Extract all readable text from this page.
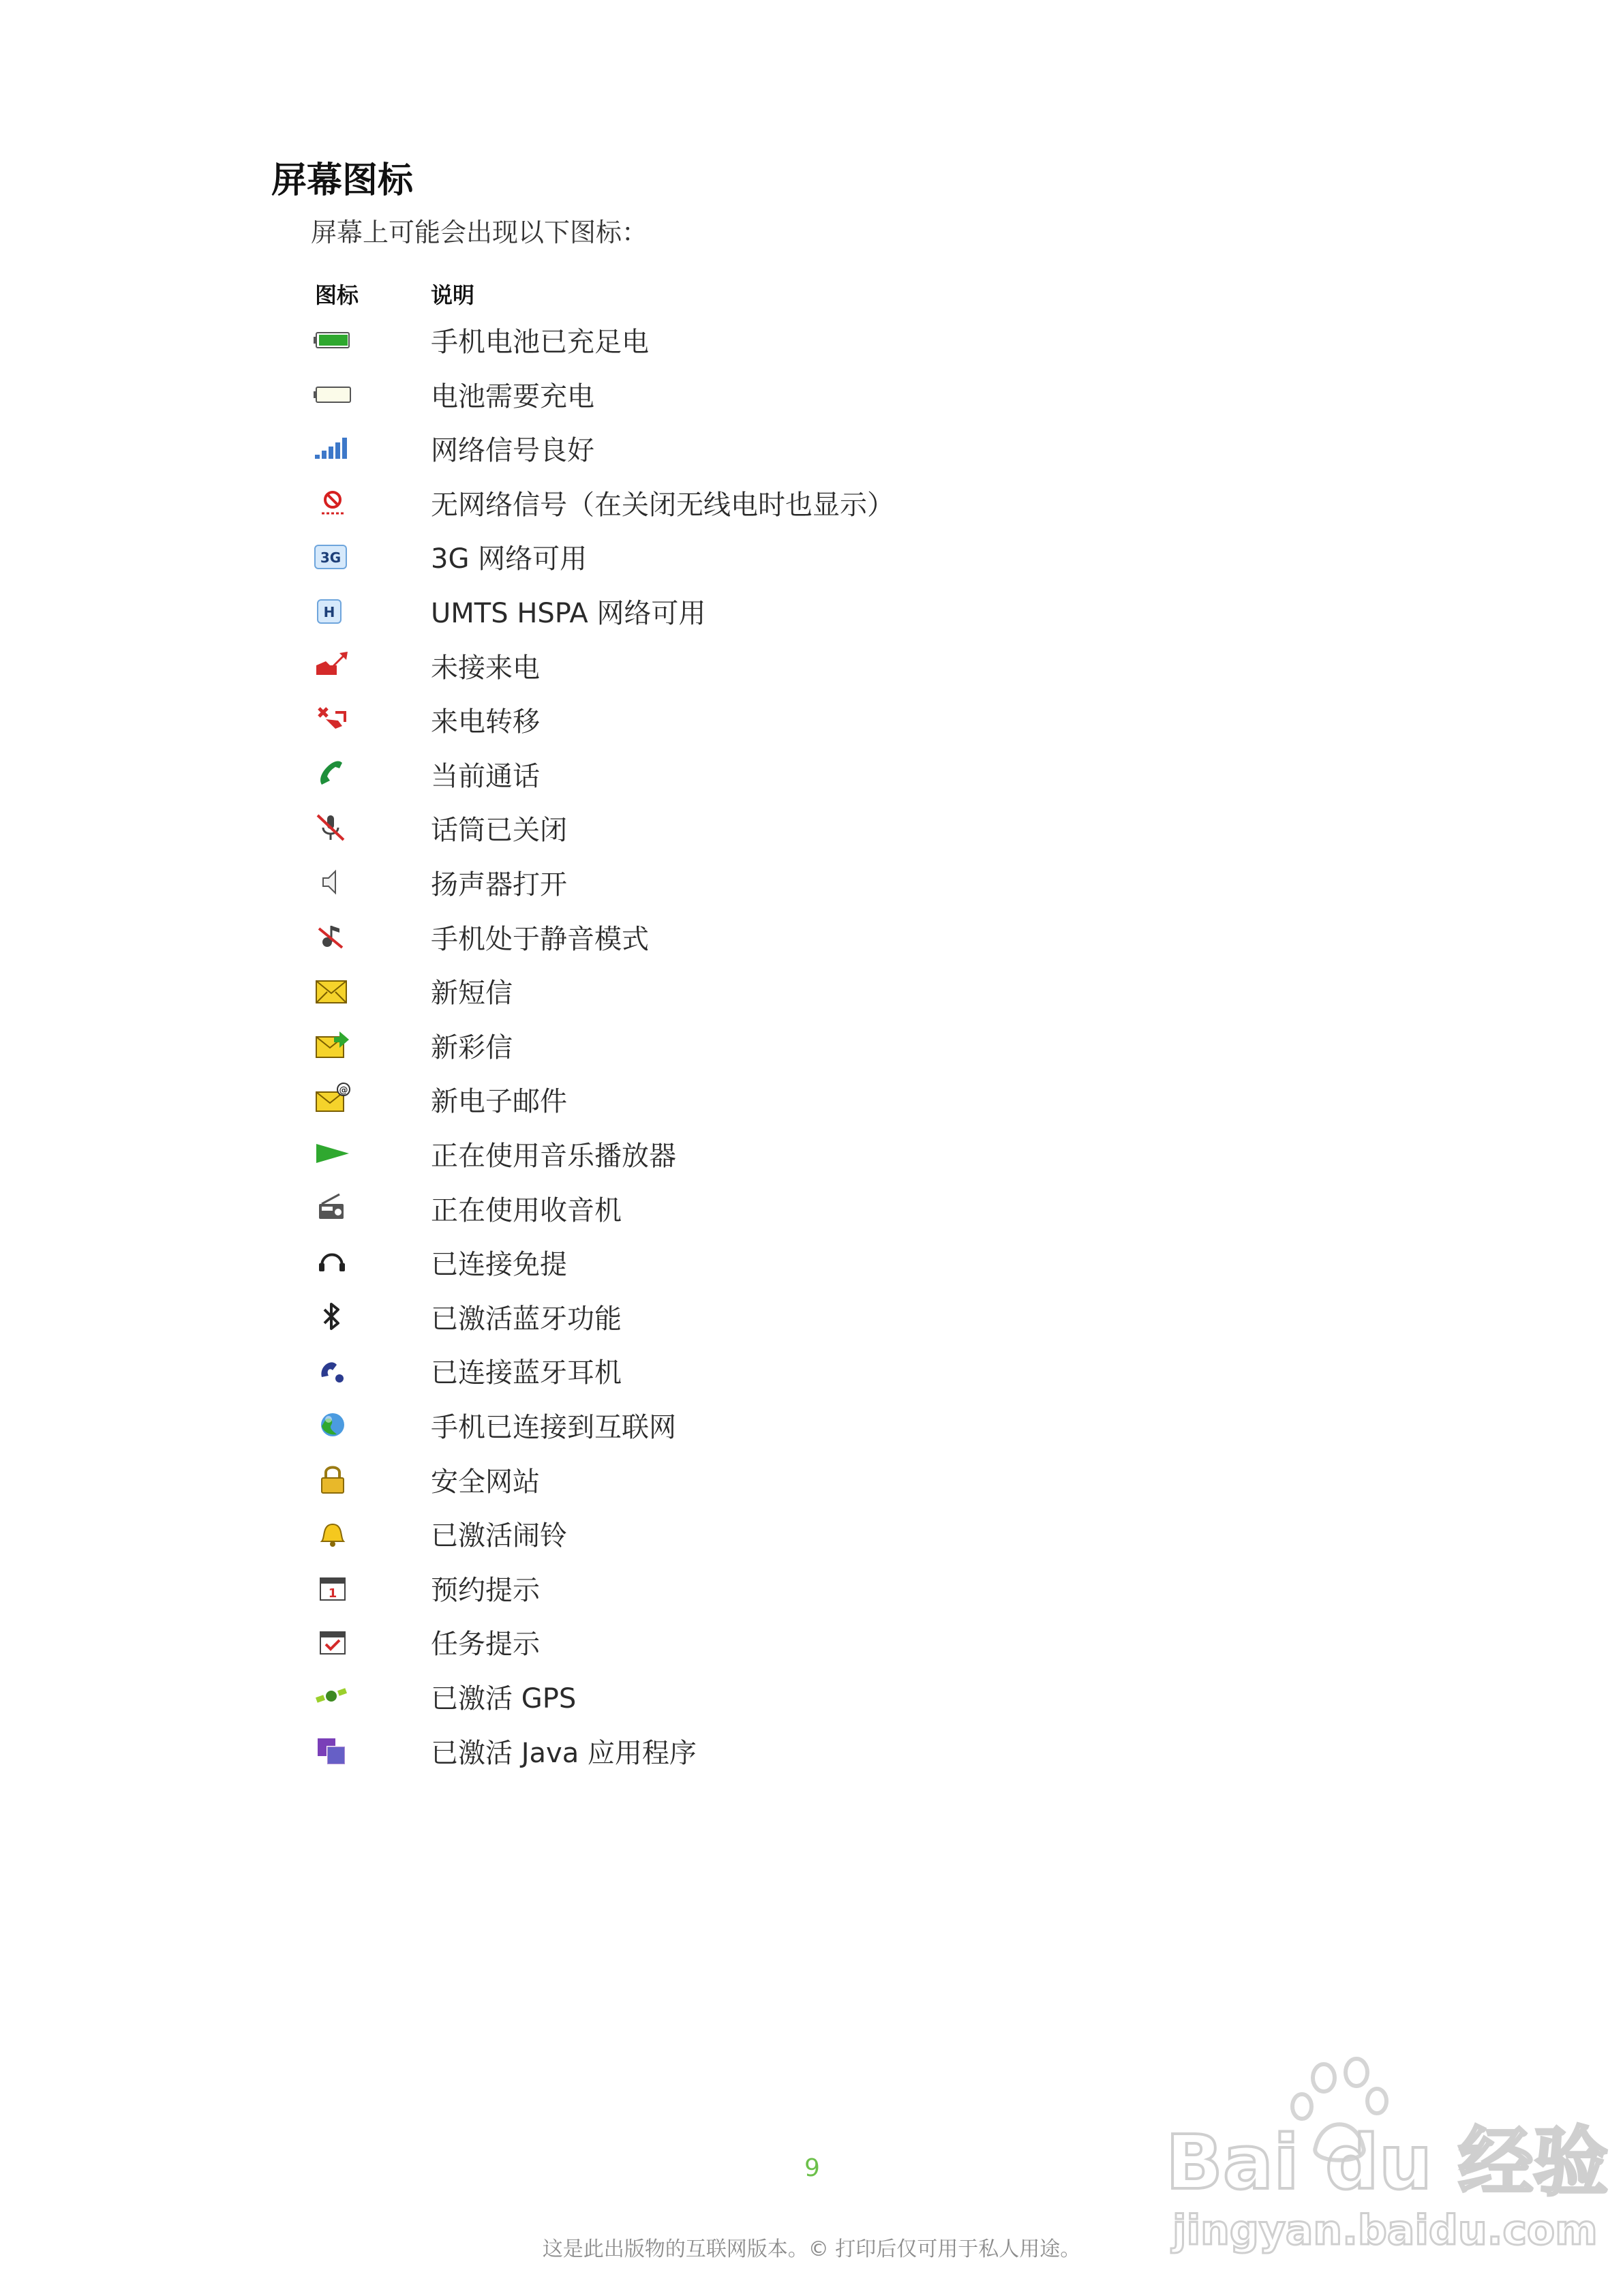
屏幕图标
屏幕上可能会出现以下图标：
图标	说明
手机电池已充足电
电池需要充电
网络信号良好
无网络信号（在关闭无线电时也显示）
3G	3G 网络可用
H	UMTS HSPA 网络可用
未接来电
来电转移
当前通话
话筒已关闭
扬声器打开
手机处于静音模式
新短信
新彩信
@	新电子邮件
正在使用音乐播放器
正在使用收音机
已连接免提
已激活蓝牙功能
已连接蓝牙耳机
手机已连接到互联网
安全网站
已激活闹铃
1	预约提示
任务提示
已激活 GPS
已激活 Java 应用程序
9
这是此出版物的互联网版本。© 打印后仅可用于私人用途。
Bai du 经验
jingyan.baidu.com
